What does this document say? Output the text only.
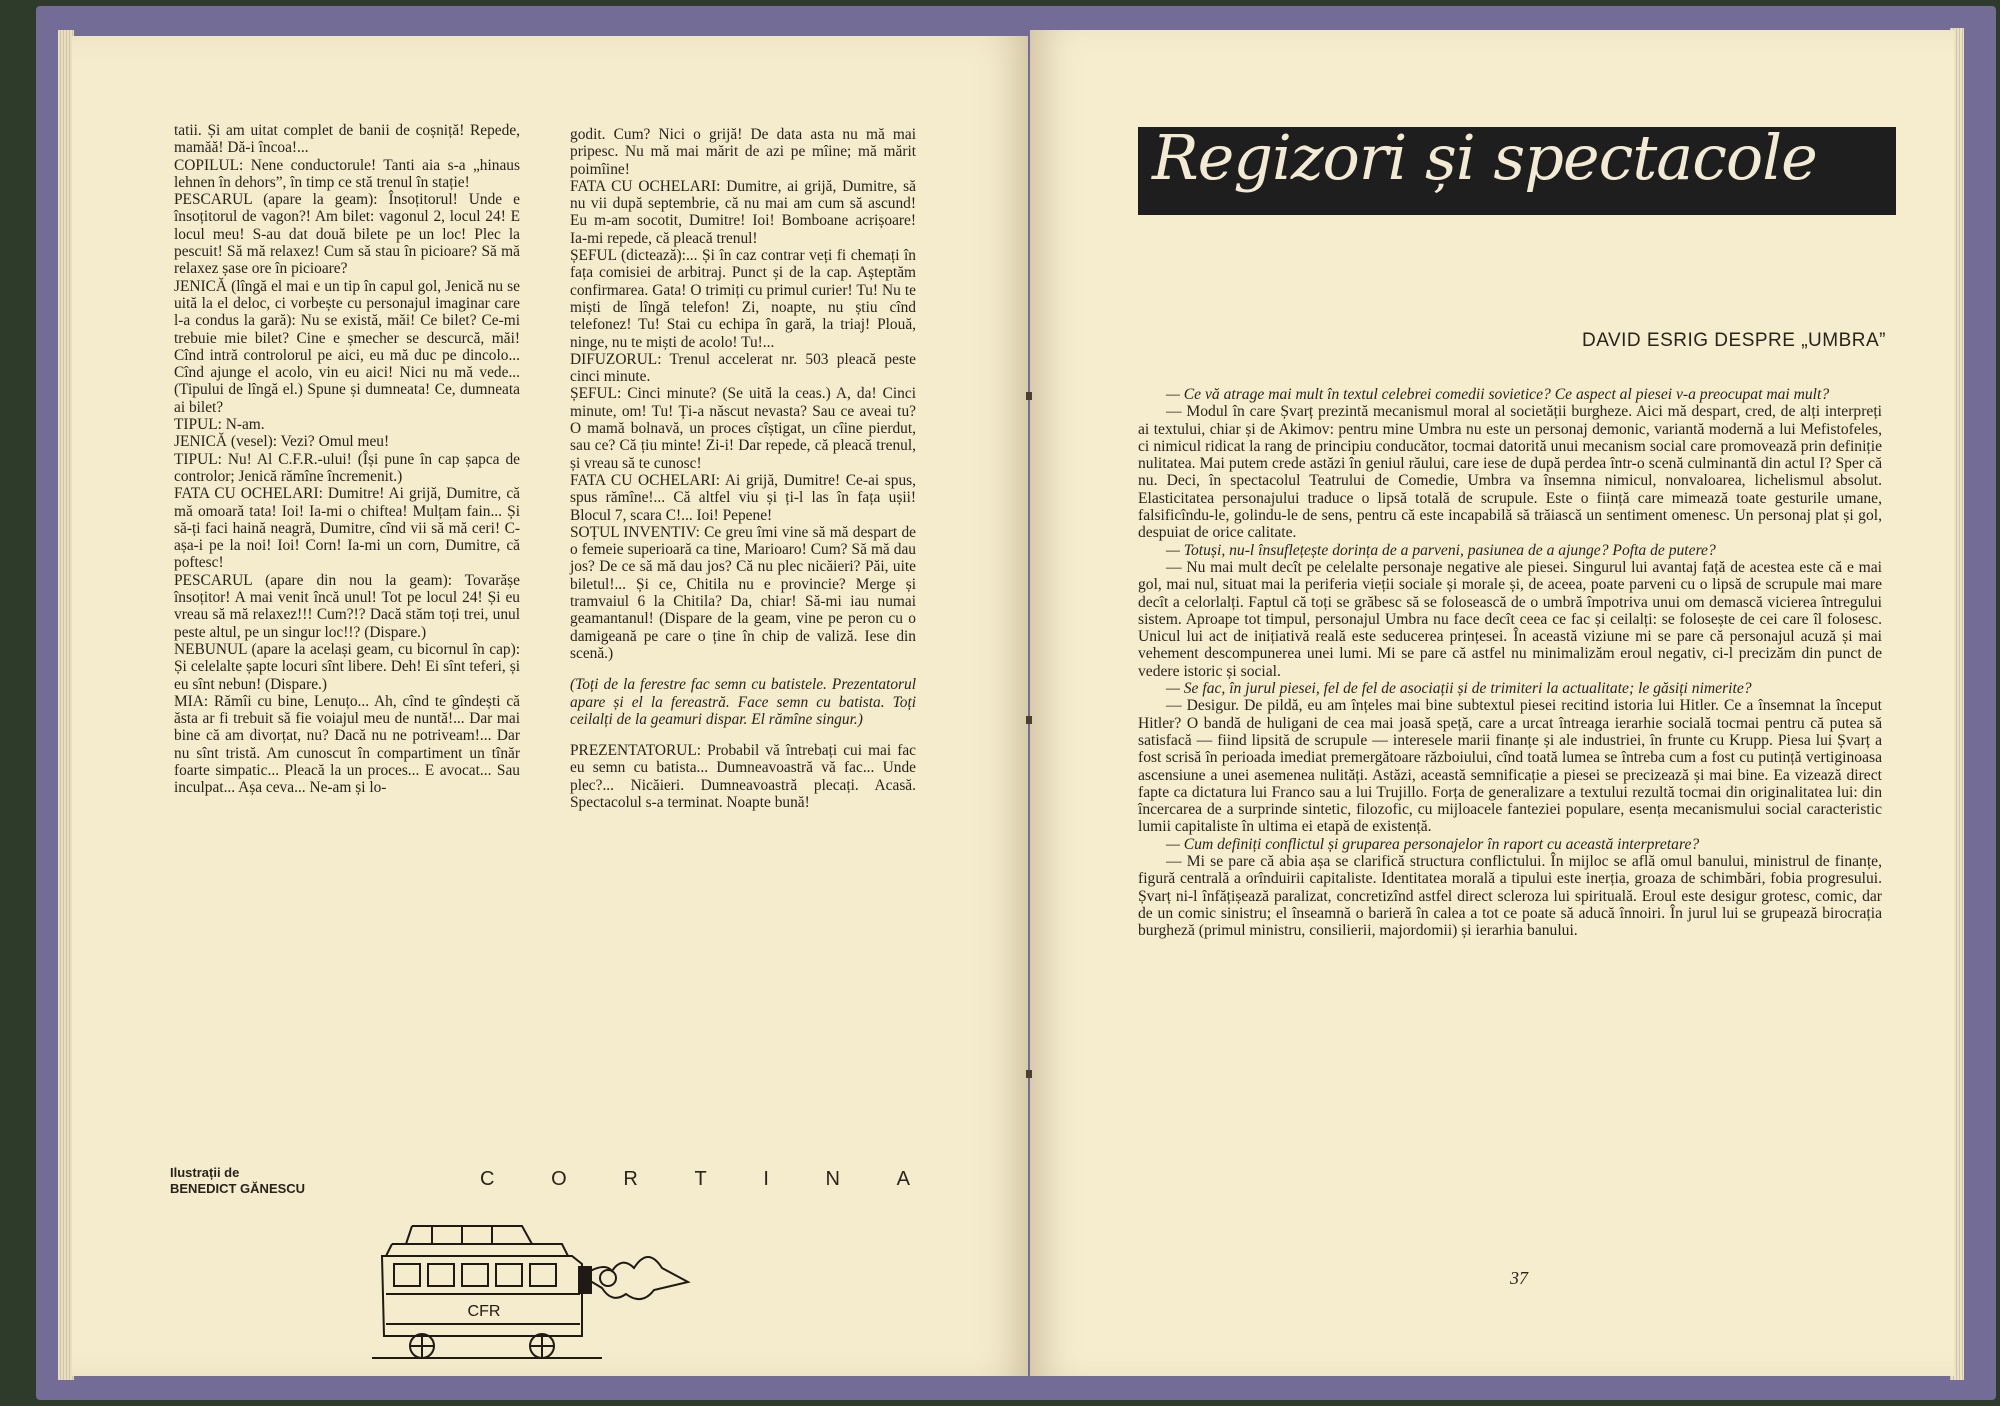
tatii. Și am uitat complet de banii de coșniță! Repede, mamăă! Dă-i încoa!...

COPILUL: Nene conductorule! Tanti aia s-a „hinaus lehnen în dehors”, în timp ce stă trenul în stație!

PESCARUL (apare la geam): Însoțitorul! Unde e însoțitorul de vagon?! Am bilet: vagonul 2, locul 24! E locul meu! S-au dat două bilete pe un loc! Plec la pescuit! Să mă relaxez! Cum să stau în picioare? Să mă relaxez șase ore în picioare?

JENICĂ (lîngă el mai e un tip în capul gol, Jenică nu se uită la el deloc, ci vorbește cu personajul imaginar care l-a condus la gară): Nu se există, măi! Ce bilet? Ce-mi trebuie mie bilet? Cine e șmecher se descurcă, măi! Cînd intră controlorul pe aici, eu mă duc pe dincolo... Cînd ajunge el acolo, vin eu aici! Nici nu mă vede... (Tipului de lîngă el.) Spune și dumneata! Ce, dumneata ai bilet?

TIPUL: N-am.

JENICĂ (vesel): Vezi? Omul meu!

TIPUL: Nu! Al C.F.R.-ului! (Își pune în cap șapca de controlor; Jenică rămîne încremenit.)

FATA CU OCHELARI: Dumitre! Ai grijă, Dumitre, că mă omoară tata! Ioi! Ia-mi o chiftea! Mulțam fain... Și să-ți faci haină neagră, Dumitre, cînd vii să mă ceri! C-așa-i pe la noi! Ioi! Corn! Ia-mi un corn, Dumitre, că poftesc!

PESCARUL (apare din nou la geam): Tovarășe însoțitor! A mai venit încă unul! Tot pe locul 24! Și eu vreau să mă relaxez!!! Cum?!? Dacă stăm toți trei, unul peste altul, pe un singur loc!!? (Dispare.)

NEBUNUL (apare la același geam, cu bicornul în cap): Și celelalte șapte locuri sînt libere. Deh! Ei sînt teferi, și eu sînt nebun! (Dispare.)

MIA: Rămîi cu bine, Lenuțo... Ah, cînd te gîndești că ăsta ar fi trebuit să fie voiajul meu de nuntă!... Dar mai bine că am divorțat, nu? Dacă nu ne potriveam!... Dar nu sînt tristă. Am cunoscut în compartiment un tînăr foarte simpatic... Pleacă la un proces... E avocat... Sau inculpat... Așa ceva... Ne-am și lo-

godit. Cum? Nici o grijă! De data asta nu mă mai pripesc. Nu mă mai mărit de azi pe mîine; mă mărit poimîine!

FATA CU OCHELARI: Dumitre, ai grijă, Dumitre, să nu vii după septembrie, că nu mai am cum să ascund! Eu m-am socotit, Dumitre! Ioi! Bomboane acrișoare! Ia-mi repede, că pleacă trenul!

ȘEFUL (dictează):... Și în caz contrar veți fi chemați în fața comisiei de arbitraj. Punct și de la cap. Așteptăm confirmarea. Gata! O trimiți cu primul curier! Tu! Nu te miști de lîngă telefon! Zi, noapte, nu știu cînd telefonez! Tu! Stai cu echipa în gară, la triaj! Plouă, ninge, nu te miști de acolo! Tu!...

DIFUZORUL: Trenul accelerat nr. 503 pleacă peste cinci minute.

ȘEFUL: Cinci minute? (Se uită la ceas.) A, da! Cinci minute, om! Tu! Ți-a născut nevasta? Sau ce aveai tu? O mamă bolnavă, un proces cîștigat, un cîine pierdut, sau ce? Că țiu minte! Zi-i! Dar repede, că pleacă trenul, și vreau să te cunosc!

FATA CU OCHELARI: Ai grijă, Dumitre! Ce-ai spus, spus rămîne!... Că altfel viu și ți-l las în fața ușii! Blocul 7, scara C!... Ioi! Pepene!

SOȚUL INVENTIV: Ce greu îmi vine să mă despart de o femeie superioară ca tine, Marioaro! Cum? Să mă dau jos? De ce să mă dau jos? Că nu plec nicăieri? Păi, uite biletul!... Și ce, Chitila nu e provincie? Merge și tramvaiul 6 la Chitila? Da, chiar! Să-mi iau numai geamantanul! (Dispare de la geam, vine pe peron cu o damigeană pe care o ține în chip de valiză. Iese din scenă.)

(Toți de la ferestre fac semn cu batistele. Prezentatorul apare și el la fereastră. Face semn cu batista. Toți ceilalți de la geamuri dispar. El rămîne singur.)

PREZENTATORUL: Probabil vă întrebați cui mai fac eu semn cu batista... Dumneavoastră vă fac... Unde plec?... Nicăieri. Dumneavoastră plecați. Acasă. Spectacolul s-a terminat. Noapte bună!

Ilustrații de
BENEDICT GĂNESCU	C	O	R	T	I	N	A
CFR
Regizori și spectacole
DAVID ESRIG DESPRE „UMBRA”

— Ce vă atrage mai mult în textul celebrei comedii sovietice? Ce aspect al piesei v-a preocupat mai mult?

— Modul în care Șvarț prezintă mecanismul moral al societății burgheze. Aici mă despart, cred, de alți interpreți ai textului, chiar și de Akimov: pentru mine Umbra nu este un personaj demonic, variantă modernă a lui Mefistofeles, ci nimicul ridicat la rang de principiu conducător, tocmai datorită unui mecanism social care promovează prin definiție nulitatea. Mai putem crede astăzi în geniul răului, care iese de după perdea într-o scenă culminantă din actul I? Sper că nu. Deci, în spectacolul Teatrului de Comedie, Umbra va însemna nimicul, nonvaloarea, lichelismul absolut. Elasticitatea personajului traduce o lipsă totală de scrupule. Este o ființă care mimează toate gesturile umane, falsificîndu-le, golindu-le de sens, pentru că este incapabilă să trăiască un sentiment omenesc. Un personaj plat și gol, despuiat de orice calitate.

— Totuși, nu-l însuflețește dorința de a parveni, pasiunea de a ajunge? Pofta de putere?

— Nu mai mult decît pe celelalte personaje negative ale piesei. Singurul lui avantaj față de acestea este că e mai gol, mai nul, situat mai la periferia vieții sociale și morale și, de aceea, poate parveni cu o lipsă de scrupule mai mare decît a celorlalți. Faptul că toți se grăbesc să se folosească de o umbră împotriva unui om demască vicierea întregului sistem. Aproape tot timpul, personajul Umbra nu face decît ceea ce fac și ceilalți: se folosește de cei care îl folosesc. Unicul lui act de inițiativă reală este seducerea prințesei. În această viziune mi se pare că personajul acuză și mai vehement descompunerea unei lumi. Mi se pare că astfel nu minimalizăm eroul negativ, ci-l precizăm din punct de vedere istoric și social.

— Se fac, în jurul piesei, fel de fel de asociații și de trimiteri la actualitate; le găsiți nimerite?

— Desigur. De pildă, eu am înțeles mai bine subtextul piesei recitind istoria lui Hitler. Ce a însemnat la început Hitler? O bandă de huligani de cea mai joasă speță, care a urcat întreaga ierarhie socială tocmai pentru că putea să satisfacă — fiind lipsită de scrupule — interesele marii finanțe și ale industriei, în frunte cu Krupp. Piesa lui Șvarț a fost scrisă în perioada imediat premergătoare războiului, cînd toată lumea se întreba cum a fost cu putință vertiginoasa ascensiune a unei asemenea nulități. Astăzi, această semnificație a piesei se precizează și mai bine. Ea vizează direct fapte ca dictatura lui Franco sau a lui Trujillo. Forța de generalizare a textului rezultă tocmai din originalitatea lui: din încercarea de a surprinde sintetic, filozofic, cu mijloacele fanteziei populare, esența mecanismului social caracteristic lumii capitaliste în ultima ei etapă de existență.

— Cum definiți conflictul și gruparea personajelor în raport cu această interpretare?

— Mi se pare că abia așa se clarifică structura conflictului. În mijloc se află omul banului, ministrul de finanțe, figură centrală a orînduirii capitaliste. Identitatea morală a tipului este inerția, groaza de schimbări, fobia progresului. Șvarț ni-l înfățișează paralizat, concretizînd astfel direct scleroza lui spirituală. Eroul este desigur grotesc, comic, dar de un comic sinistru; el înseamnă o barieră în calea a tot ce poate să aducă înnoiri. În jurul lui se grupează birocrația burgheză (primul ministru, consilierii, majordomii) și ierarhia banului.

37
